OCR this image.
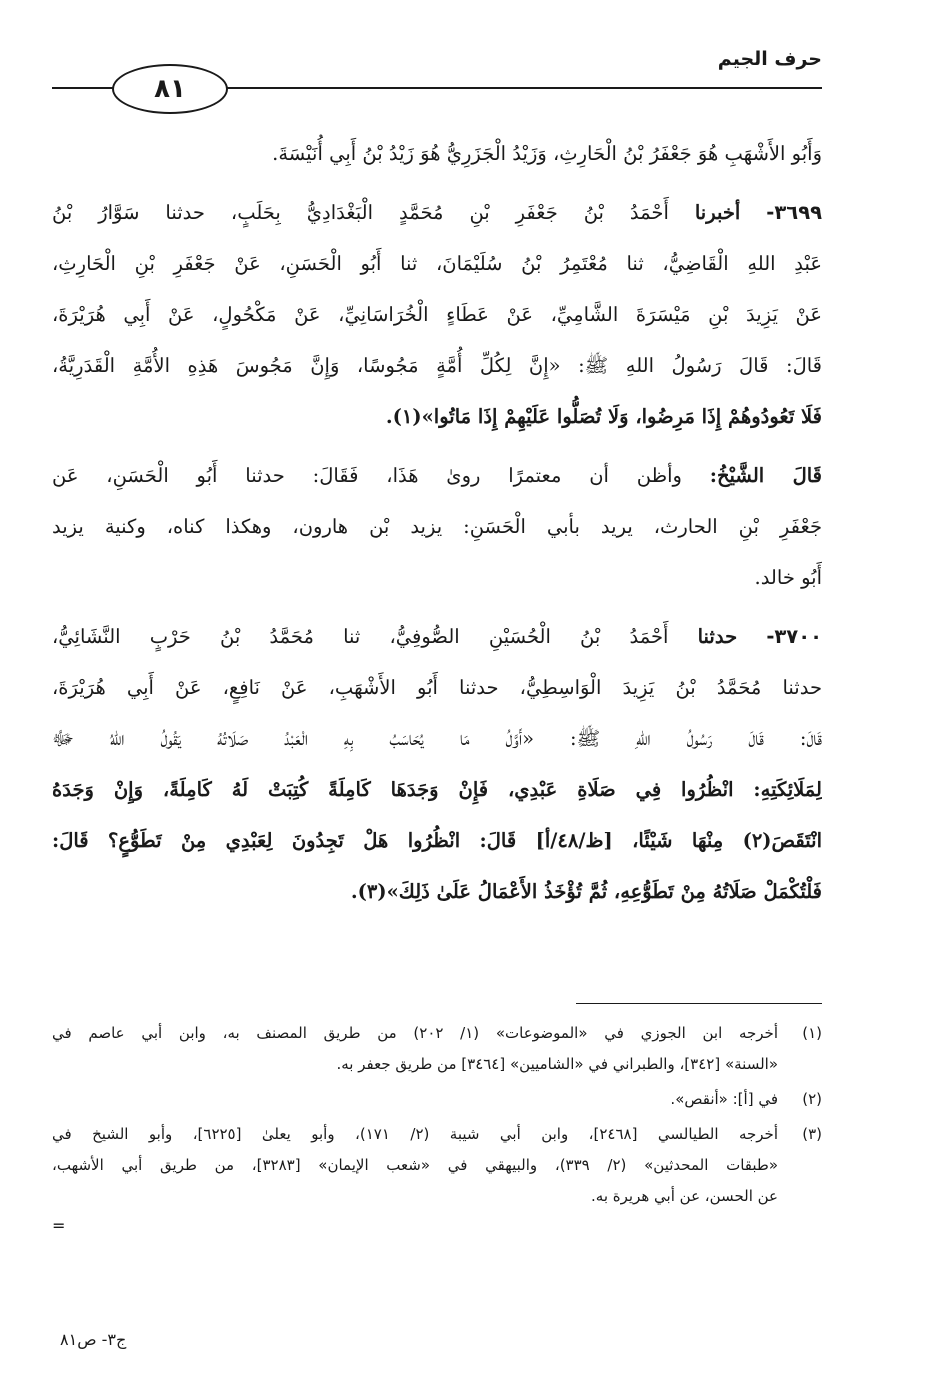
٨١
حرف الجيم
وَأَبُو الأَشْهَبِ هُوَ جَعْفَرُ بْنُ الْحَارِثِ، وَزَيْدُ الْجَزَرِيُّ هُوَ زَيْدُ بْنُ أَبِي أُنَيْسَةَ.
٣٦٩٩- أخبرنا أَحْمَدُ بْنُ جَعْفَرِ بْنِ مُحَمَّدٍ الْبَغْدَادِيُّ بِحَلَبٍ، حدثنا سَوَّارُ بْنُ
عَبْدِ اللهِ الْقَاضِيُّ، ثنا مُعْتَمِرُ بْنُ سُلَيْمَانَ، ثنا أَبُو الْحَسَنِ، عَنْ جَعْفَرِ بْنِ الْحَارِثِ،
عَنْ يَزِيدَ بْنِ مَيْسَرَةَ الشَّامِيِّ، عَنْ عَطَاءٍ الْخُرَاسَانِيِّ، عَنْ مَكْحُولٍ، عَنْ أَبِي هُرَيْرَةَ،
قَالَ: قَالَ رَسُولُ اللهِ ﷺ: «إِنَّ لِكُلِّ أُمَّةٍ مَجُوسًا، وَإِنَّ مَجُوسَ هَذِهِ الأُمَّةِ الْقَدَرِيَّةُ،
فَلَا تَعُودُوهُمْ إِذَا مَرِضُوا، وَلَا تُصَلُّوا عَلَيْهِمْ إِذَا مَاتُوا»(١).
قَالَ الشَّيْخُ: وأظن أن معتمرًا روىٰ هَذَا، فَقَالَ: حدثنا أَبُو الْحَسَنِ، عَن
جَعْفَرِ بْنِ الحارث، يريد بأبي الْحَسَنِ: يزيد بْن هارون، وهكذا كناه، وكنية يزيد
أَبُو خالد.
٣٧٠٠- حدثنا أَحْمَدُ بْنُ الْحُسَيْنِ الصُّوفِيُّ، ثنا مُحَمَّدُ بْنُ حَرْبٍ النَّشَائِيُّ،
حدثنا مُحَمَّدُ بْنُ يَزِيدَ الْوَاسِطِيُّ، حدثنا أَبُو الأَشْهَبِ، عَنْ نَافِعٍ، عَنْ أَبِي هُرَيْرَةَ،
قَالَ: قَالَ رَسُولُ اللهِ ﷺ: «أَوَّلُ مَا يُحَاسَبُ بِهِ الْعَبْدُ صَلَاتُهُ يَقُولُ اللهُ ﷻ
لِمَلَائِكَتِهِ: انْظُرُوا فِي صَلَاةِ عَبْدِي، فَإِنْ وَجَدَهَا كَامِلَةً كُتِبَتْ لَهُ كَامِلَةً، وَإِنْ وَجَدَهُ
انْتَقَصَ(٢) مِنْهَا شَيْئًا، [ظ/٤٨/أ] قَالَ: انْظُرُوا هَلْ تَجِدُونَ لِعَبْدِي مِنْ تَطَوُّعٍ؟ قَالَ:
فَلْتُكْمَلْ صَلَاتُهُ مِنْ تَطَوُّعِهِ، ثُمَّ تُؤْخَذُ الأَعْمَالُ عَلَىٰ ذَلِكَ»(٣).
(١)
أخرجه ابن الجوزي في «الموضوعات» (١/ ٢٠٢) من طريق المصنف به، وابن أبي عاصم في
«السنة» [٣٤٢]، والطبراني في «الشاميين» [٣٤٦٤] من طريق جعفر به.
(٢)
في [أ]: «أنقص».
(٣)
أخرجه الطيالسي [٢٤٦٨]، وابن أبي شيبة (٢/ ١٧١)، وأبو يعلىٰ [٦٢٢٥]، وأبو الشيخ في
«طبقات المحدثين» (٢/ ٣٣٩)، والبيهقي في «شعب الإيمان» [٣٢٨٣]، من طريق أبي الأشهب،
عن الحسن، عن أبي هريرة به.
=
ج٣- ص٨١
